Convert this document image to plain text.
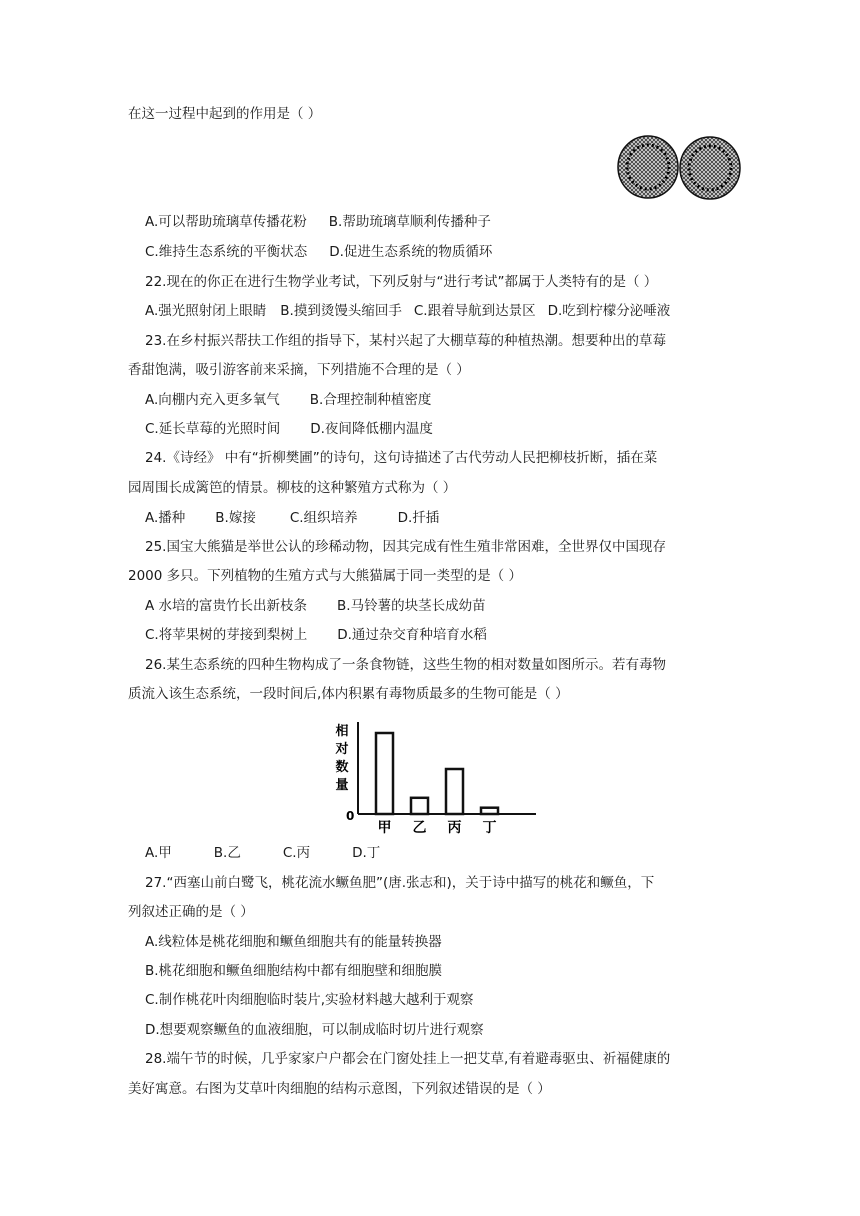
在这一过程中起到的作用是（ ）
A.可以帮助琉璃草传播花粉 B.帮助琉璃草顺利传播种子
C.维持生态系统的平衡状态 D.促进生态系统的物质循环
22.现在的你正在进行生物学业考试，下列反射与“进行考试”都属于人类特有的是（ ）
A.强光照射闭上眼睛 B.摸到烫馒头缩回手 C.跟着导航到达景区 D.吃到柠檬分泌唾液
23.在乡村振兴帮扶工作组的指导下，某村兴起了大棚草莓的种植热潮。想要种出的草莓
香甜饱满，吸引游客前来采摘，下列措施不合理的是（ ）
A.向棚内充入更多氧气 B.合理控制种植密度
C.延长草莓的光照时间 D.夜间降低棚内温度
24.《诗经》 中有“折柳樊圃”的诗句，这句诗描述了古代劳动人民把柳枝折断，插在菜
园周围长成篱笆的情景。柳枝的这种繁殖方式称为（ ）
A.播种 B.嫁接	C.组织培养	D.扦插
25.国宝大熊猫是举世公认的珍稀动物，因其完成有性生殖非常困难，全世界仅中国现存
2000 多只。下列植物的生殖方式与大熊猫属于同一类型的是（ ）
A 水培的富贵竹长出新枝条 B.马铃薯的块茎长成幼苗
C.将苹果树的芽接到梨树上 D.通过杂交育种培育水稻
26.某生态系统的四种生物构成了一条食物链，这些生物的相对数量如图所示。若有毒物
质流入该生态系统，一段时间后,体内积累有毒物质最多的生物可能是（ ）
0
相
对
数
量
甲 乙 丙 丁
A.甲	B.乙	C.丙	D.丁
27.“西塞山前白鹭飞，桃花流水鳜鱼肥”(唐.张志和)，关于诗中描写的桃花和鳜鱼，下
列叙述正确的是（ ）
A.线粒体是桃花细胞和鳜鱼细胞共有的能量转换器
B.桃花细胞和鳜鱼细胞结构中都有细胞壁和细胞膜
C.制作桃花叶肉细胞临时装片,实验材料越大越利于观察
D.想要观察鳜鱼的血液细胞，可以制成临时切片进行观察
28.端午节的时候，几乎家家户户都会在门窗处挂上一把艾草,有着避毒驱虫、祈福健康的
美好寓意。右图为艾草叶肉细胞的结构示意图，下列叙述错误的是（ ）
